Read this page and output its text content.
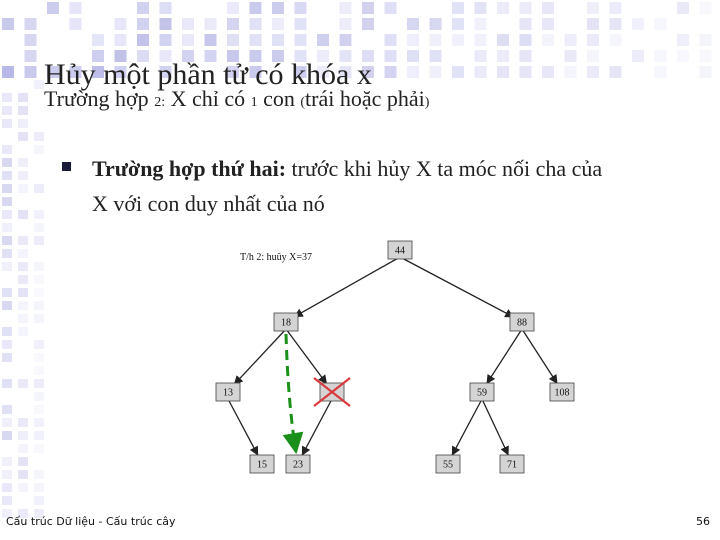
Hủy một phần tử có khóa x
Trường hợp 2: X chỉ có 1 con (trái hoặc phải)
Trường hợp thứ hai: trước khi hủy X ta móc nối cha của
X với con duy nhất của nó
T/h 2: huûy X=37
44
18	88
13	59	108
15	23	55	71
Cấu trúc Dữ liệu - Cấu trúc cây	56
